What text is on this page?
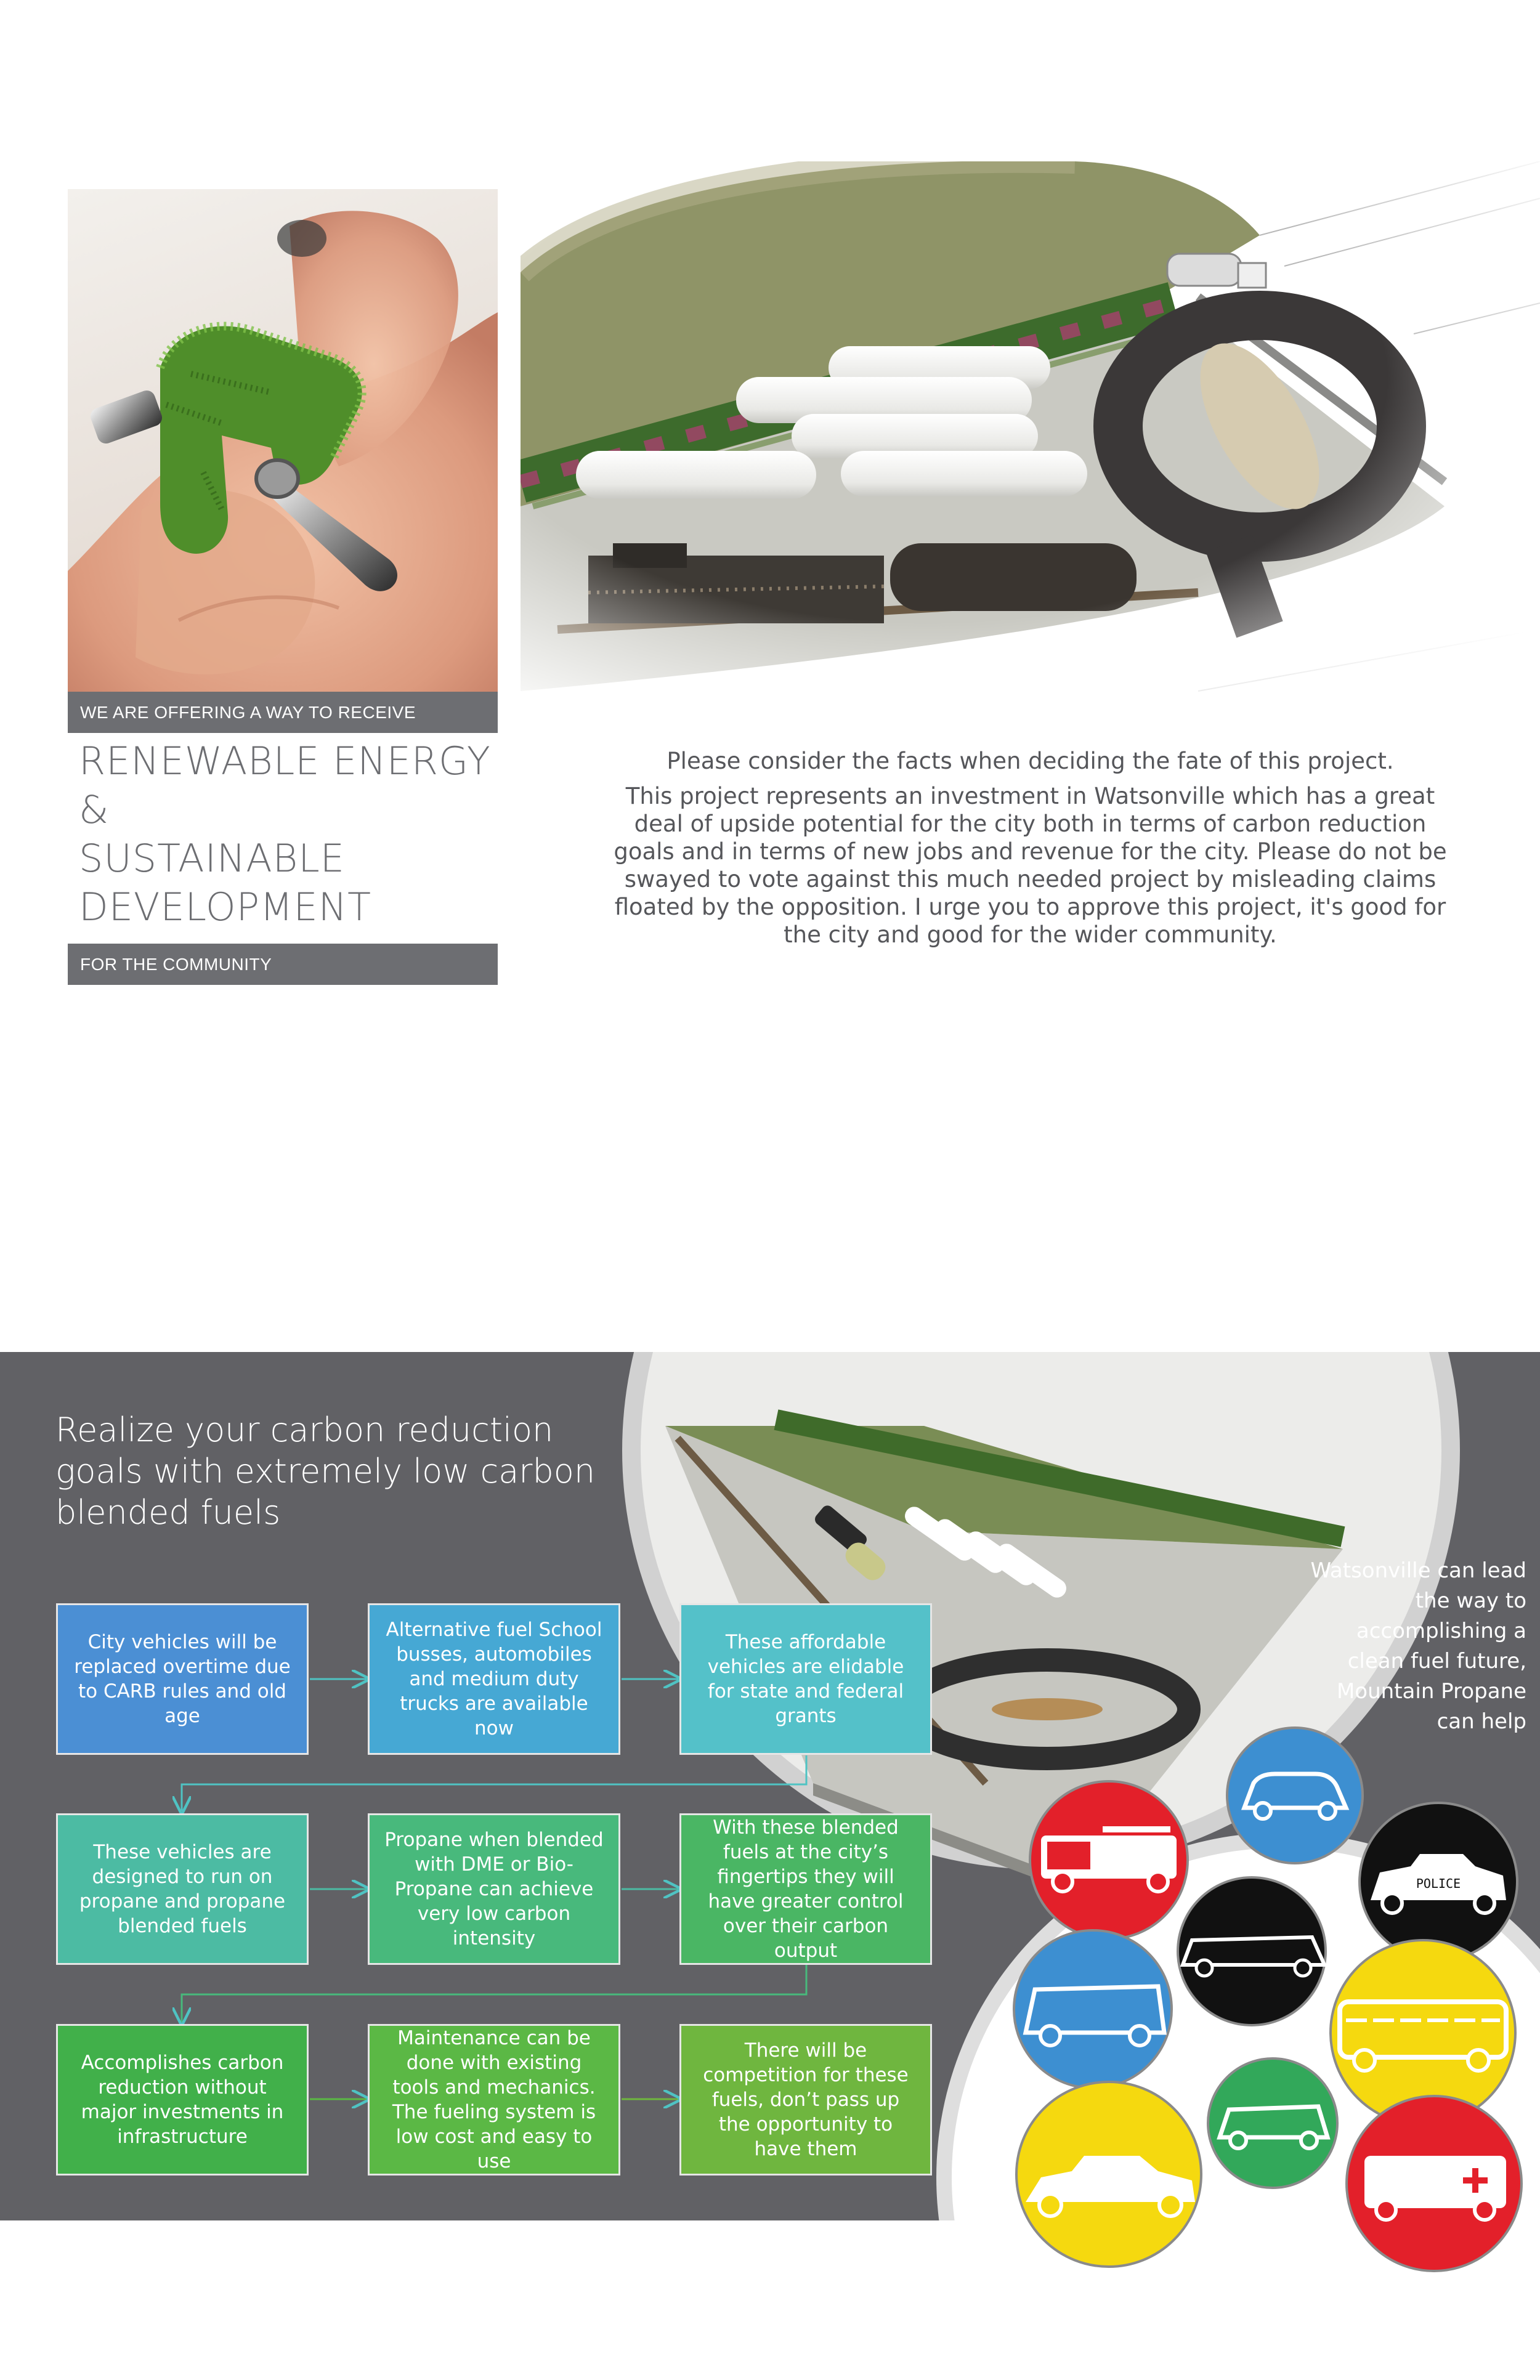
WE ARE OFFERING A WAY TO RECEIVE
RENEWABLE ENERGY
&
SUSTAINABLE
DEVELOPMENT
FOR THE COMMUNITY
Please consider the facts when deciding the fate of this project.
This project represents an investment in Watsonville which has a great deal of upside potential for the city both in terms of carbon reduction goals and in terms of new jobs and revenue for the city. Please do not be swayed to vote against this much needed project by misleading claims floated by the opposition. I urge you to approve this project, it's good for the city and good for the wider community.
POLICE
Realize your carbon reduction goals with extremely low carbon blended fuels
Watsonville can lead the way to accomplishing a clean fuel future, Mountain Propane can help
City vehicles will be replaced overtime due to CARB rules and old age
Alternative fuel School busses, automobiles and medium duty trucks are available now
These affordable vehicles are elidable for state and federal grants
These vehicles are designed to run on propane and propane blended fuels
Propane when blended with DME or Bio-Propane can achieve very low carbon intensity
With these blended fuels at the city’s fingertips they will have greater control over their carbon output
Accomplishes carbon reduction without major investments in infrastructure
Maintenance can be done with existing tools and mechanics. The fueling system is low cost and easy to use
There will be competition for these fuels, don’t pass up the opportunity to have them
